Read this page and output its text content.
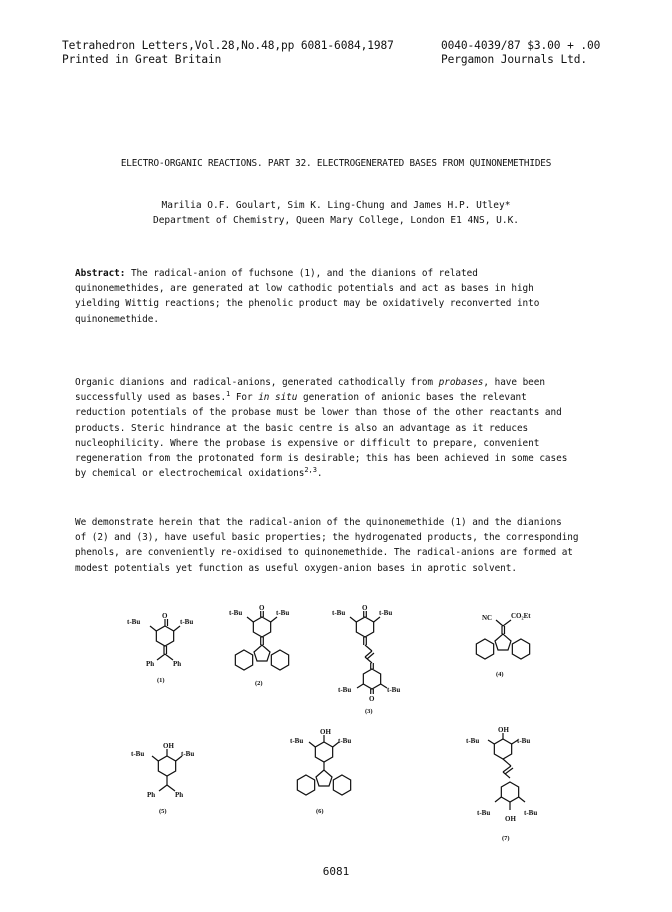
Tetrahedron Letters,Vol.28,No.48,pp 6081-6084,1987
Printed in Great Britain
0040-4039/87 $3.00 + .00
Pergamon Journals Ltd.
ELECTRO-ORGANIC REACTIONS. PART 32. ELECTROGENERATED BASES FROM QUINONEMETHIDES
Marilia O.F. Goulart, Sim K. Ling-Chung and James H.P. Utley*
Department of Chemistry, Queen Mary College, London E1 4NS, U.K.
Abstract: The radical-anion of fuchsone (1), and the dianions of related
quinonemethides, are generated at low cathodic potentials and act as bases in high
yielding Wittig reactions; the phenolic product may be oxidatively reconverted into
quinonemethide.
Organic dianions and radical-anions, generated cathodically from probases, have been
successfully used as bases.$^1$ For in situ generation of anionic bases the relevant
reduction potentials of the probase must be lower than those of the other reactants and
products. Steric hindrance at the basic centre is also an advantage as it reduces
nucleophilicity. Where the probase is expensive or difficult to prepare, convenient
regeneration from the protonated form is desirable; this has been achieved in some cases
by chemical or electrochemical oxidations$^{2,3}$.
We demonstrate herein that the radical-anion of the quinonemethide (1) and the dianions
of (2) and (3), have useful basic properties; the hydrogenated products, the corresponding
phenols, are conveniently re-oxidised to quinonemethide. The radical-anions are formed at
modest potentials yet function as useful oxygen-anion bases in aprotic solvent.
O
t-Bu	t-Bu
Ph	Ph
(1)
O
t-Bu	t-Bu
(2)
O
t-Bu	t-Bu
t-Bu	t-Bu
O
(3)
NC	CO₂Et
(4)
OH
t-Bu	t-Bu
Ph	Ph
(5)
OH
t-Bu	t-Bu
(6)
OH
t-Bu	t-Bu
t-Bu	t-Bu
OH
(7)
6081
